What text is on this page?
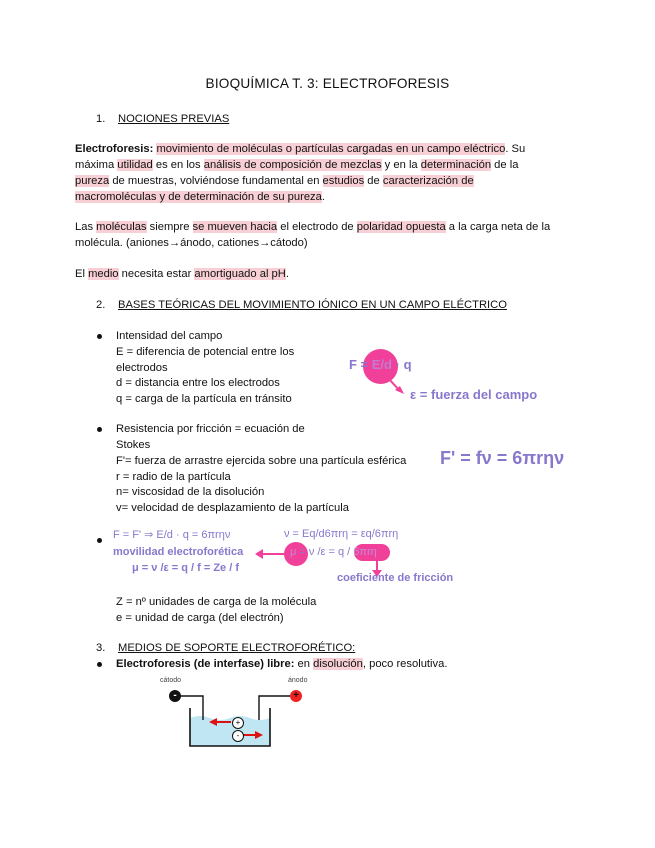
BIOQUÍMICA T. 3: ELECTROFORESIS
1. NOCIONES PREVIAS
Electroforesis: movimiento de moléculas o partículas cargadas en un campo eléctrico. Su
máxima utilidad es en los análisis de composición de mezclas y en la determinación de la
pureza de muestras, volviéndose fundamental en estudios de caracterización de
macromoléculas y de determinación de su pureza.
Las moléculas siempre se mueven hacia el electrodo de polaridad opuesta a la carga neta de la
molécula. (aniones→ánodo, cationes→cátodo)
El medio necesita estar amortiguado al pH.
2. BASES TEÓRICAS DEL MOVIMIENTO IÓNICO EN UN CAMPO ELÉCTRICO
Intensidad del campo
E = diferencia de potencial entre los
electrodos
d = distancia entre los electrodos
q = carga de la partícula en tránsito
F = E/d · q
ε = fuerza del campo
Resistencia por fricción = ecuación de
Stokes
F'= fuerza de arrastre ejercida sobre una partícula esférica
r = radio de la partícula
n= viscosidad de la disolución
v= velocidad de desplazamiento de la partícula
F' = fν = 6πrην
F = F' ⇒ E/d · q = 6πrην	ν = Eq/d6πrη = εq/6πrη
movilidad electroforética	μ = ν /ε = q / 6πrη
μ = ν /ε = q / f = Ze / f
coeficiente de fricción
Z = nº unidades de carga de la molécula
e = unidad de carga (del electrón)
3. MEDIOS DE SOPORTE ELECTROFORÉTICO:
Electroforesis (de interfase) libre: en disolución, poco resolutiva.
cátodo	ánodo
-	+
+
-
